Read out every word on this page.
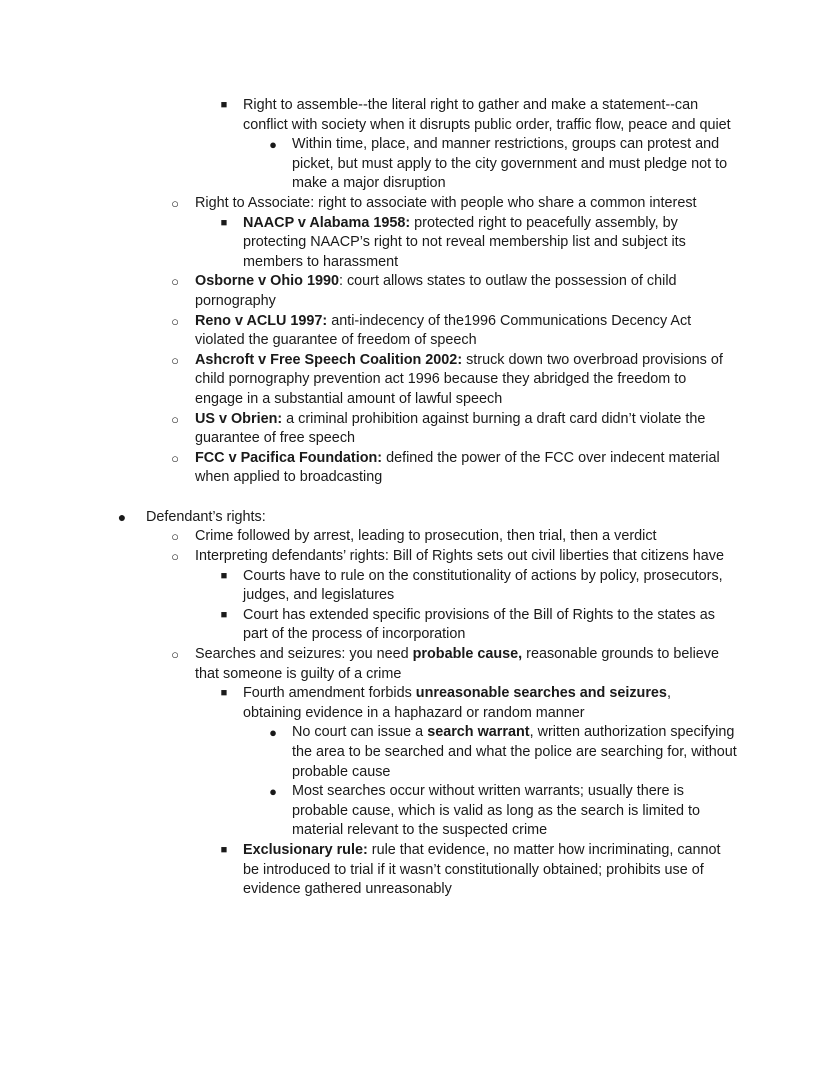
■	Right to assemble--the literal right to gather and make a statement--can conflict with society when it disrupts public order, traffic flow, peace and quiet
●	Within time, place, and manner restrictions, groups can protest and picket, but must apply to the city government and must pledge not to make a major disruption
○	Right to Associate: right to associate with people who share a common interest
■	NAACP v Alabama 1958: protected right to peacefully assembly, by protecting NAACP’s right to not reveal membership list and subject its members to harassment
○	Osborne v Ohio 1990: court allows states to outlaw the possession of child pornography
○	Reno v ACLU 1997: anti-indecency of the1996 Communications Decency Act violated the guarantee of freedom of speech
○	Ashcroft v Free Speech Coalition 2002: struck down two overbroad provisions of child pornography prevention act 1996 because they abridged the freedom to engage in a substantial amount of lawful speech
○	US v Obrien: a criminal prohibition against burning a draft card didn’t violate the guarantee of free speech
○	FCC v Pacifica Foundation: defined the power of the FCC over indecent material when applied to broadcasting
●	Defendant’s rights:
○	Crime followed by arrest, leading to prosecution, then trial, then a verdict
○	Interpreting defendants’ rights: Bill of Rights sets out civil liberties that citizens have
■	Courts have to rule on the constitutionality of actions by policy, prosecutors, judges, and legislatures
■	Court has extended specific provisions of the Bill of Rights to the states as part of the process of incorporation
○	Searches and seizures: you need probable cause, reasonable grounds to believe that someone is guilty of a crime
■	Fourth amendment forbids unreasonable searches and seizures, obtaining evidence in a haphazard or random manner
●	No court can issue a search warrant, written authorization specifying the area to be searched and what the police are searching for, without probable cause
●	Most searches occur without written warrants; usually there is probable cause, which is valid as long as the search is limited to material relevant to the suspected crime
■	Exclusionary rule: rule that evidence, no matter how incriminating, cannot be introduced to trial if it wasn’t constitutionally obtained; prohibits use of evidence gathered unreasonably
